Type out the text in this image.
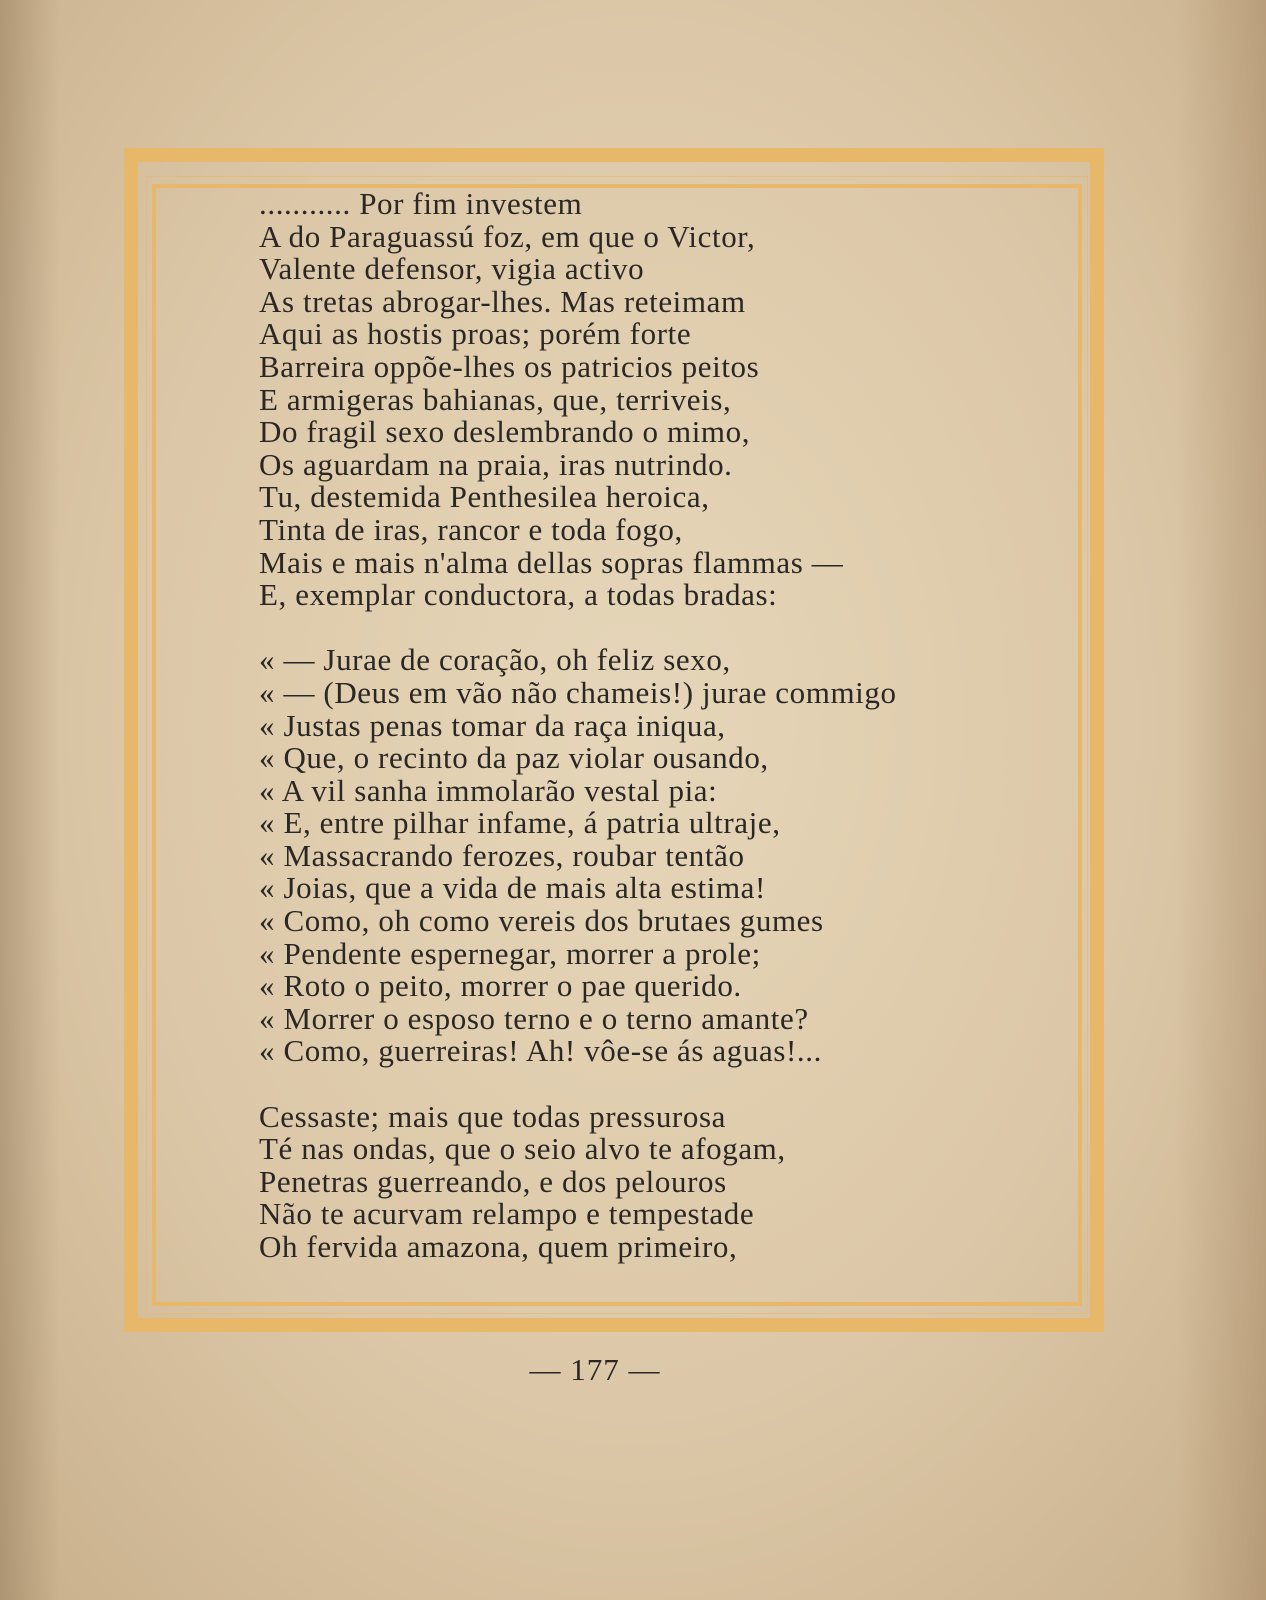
........... Por fim investem
A do Paraguassú foz, em que o Victor,
Valente defensor, vigia activo
As tretas abrogar-lhes. Mas reteimam
Aqui as hostis proas; porém forte
Barreira oppõe-lhes os patricios peitos
E armigeras bahianas, que, terriveis,
Do fragil sexo deslembrando o mimo,
Os aguardam na praia, iras nutrindo.
Tu, destemida Penthesilea heroica,
Tinta de iras, rancor e toda fogo,
Mais e mais n'alma dellas sopras flammas —
E, exemplar conductora, a todas bradas:
« — Jurae de coração, oh feliz sexo,
« — (Deus em vão não chameis!) jurae commigo
« Justas penas tomar da raça iniqua,
« Que, o recinto da paz violar ousando,
« A vil sanha immolarão vestal pia:
« E, entre pilhar infame, á patria ultraje,
« Massacrando ferozes, roubar tentão
« Joias, que a vida de mais alta estima!
« Como, oh como vereis dos brutaes gumes
« Pendente espernegar, morrer a prole;
« Roto o peito, morrer o pae querido.
« Morrer o esposo terno e o terno amante?
« Como, guerreiras! Ah! vôe-se ás aguas!...
Cessaste; mais que todas pressurosa
Té nas ondas, que o seio alvo te afogam,
Penetras guerreando, e dos pelouros
Não te acurvam relampo e tempestade
Oh fervida amazona, quem primeiro,
— 177 —
